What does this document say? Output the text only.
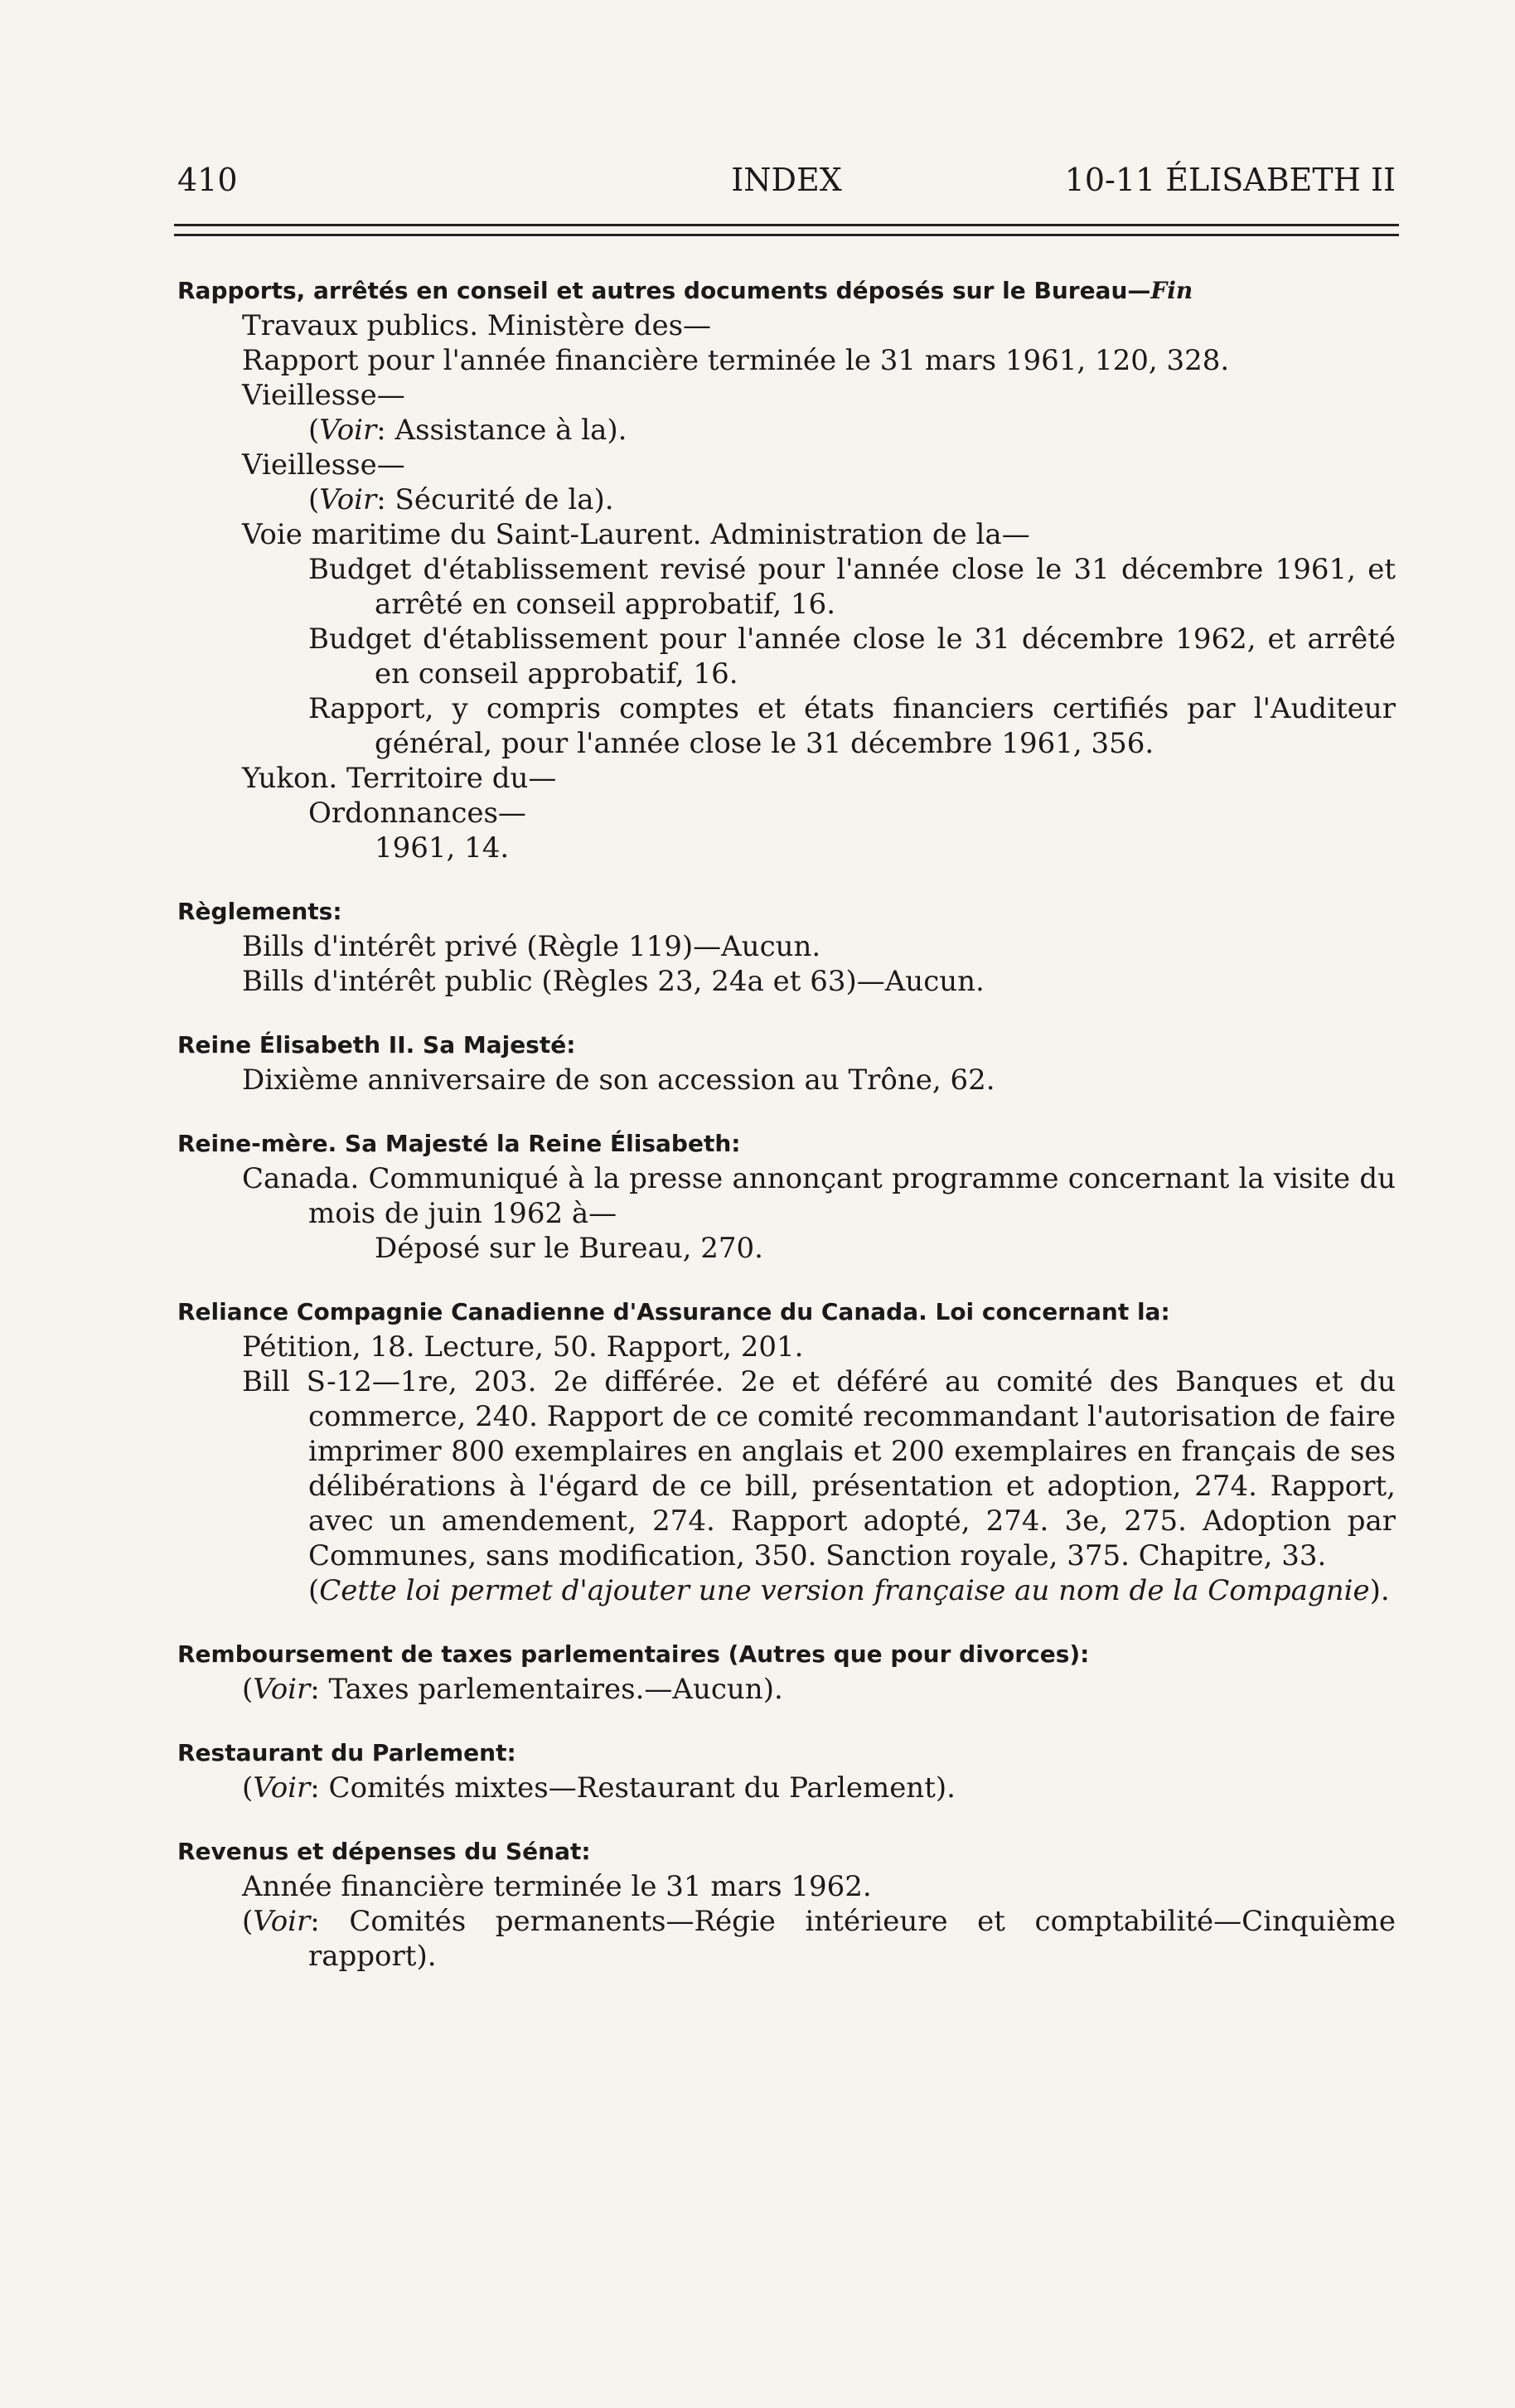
410	INDEX	10-11 ÉLISABETH II
Rapports, arrêtés en conseil et autres documents déposés sur le Bureau—Fin
Travaux publics. Ministère des—
Rapport pour l'année financière terminée le 31 mars 1961, 120, 328.
Vieillesse—
(Voir: Assistance à la).
Vieillesse—
(Voir: Sécurité de la).
Voie maritime du Saint-Laurent. Administration de la—
Budget d'établissement revisé pour l'année close le 31 décembre 1961, et arrêté en conseil approbatif, 16.
Budget d'établissement pour l'année close le 31 décembre 1962, et arrêté en conseil approbatif, 16.
Rapport, y compris comptes et états financiers certifiés par l'Auditeur général, pour l'année close le 31 décembre 1961, 356.
Yukon. Territoire du—
Ordonnances—
1961, 14.
Règlements:
Bills d'intérêt privé (Règle 119)—Aucun.
Bills d'intérêt public (Règles 23, 24a et 63)—Aucun.
Reine Élisabeth II. Sa Majesté:
Dixième anniversaire de son accession au Trône, 62.
Reine-mère. Sa Majesté la Reine Élisabeth:
Canada. Communiqué à la presse annonçant programme concernant la visite du mois de juin 1962 à—
Déposé sur le Bureau, 270.
Reliance Compagnie Canadienne d'Assurance du Canada. Loi concernant la:
Pétition, 18. Lecture, 50. Rapport, 201.
Bill S-12—1re, 203. 2e différée. 2e et déféré au comité des Banques et du commerce, 240. Rapport de ce comité recommandant l'autorisation de faire imprimer 800 exemplaires en anglais et 200 exemplaires en français de ses délibérations à l'égard de ce bill, présentation et adoption, 274. Rapport, avec un amendement, 274. Rapport adopté, 274. 3e, 275. Adoption par Communes, sans modification, 350. Sanction royale, 375. Chapitre, 33.
(Cette loi permet d'ajouter une version française au nom de la Compagnie).
Remboursement de taxes parlementaires (Autres que pour divorces):
(Voir: Taxes parlementaires.—Aucun).
Restaurant du Parlement:
(Voir: Comités mixtes—Restaurant du Parlement).
Revenus et dépenses du Sénat:
Année financière terminée le 31 mars 1962.
(Voir: Comités permanents—Régie intérieure et comptabilité—Cinquième rapport).
